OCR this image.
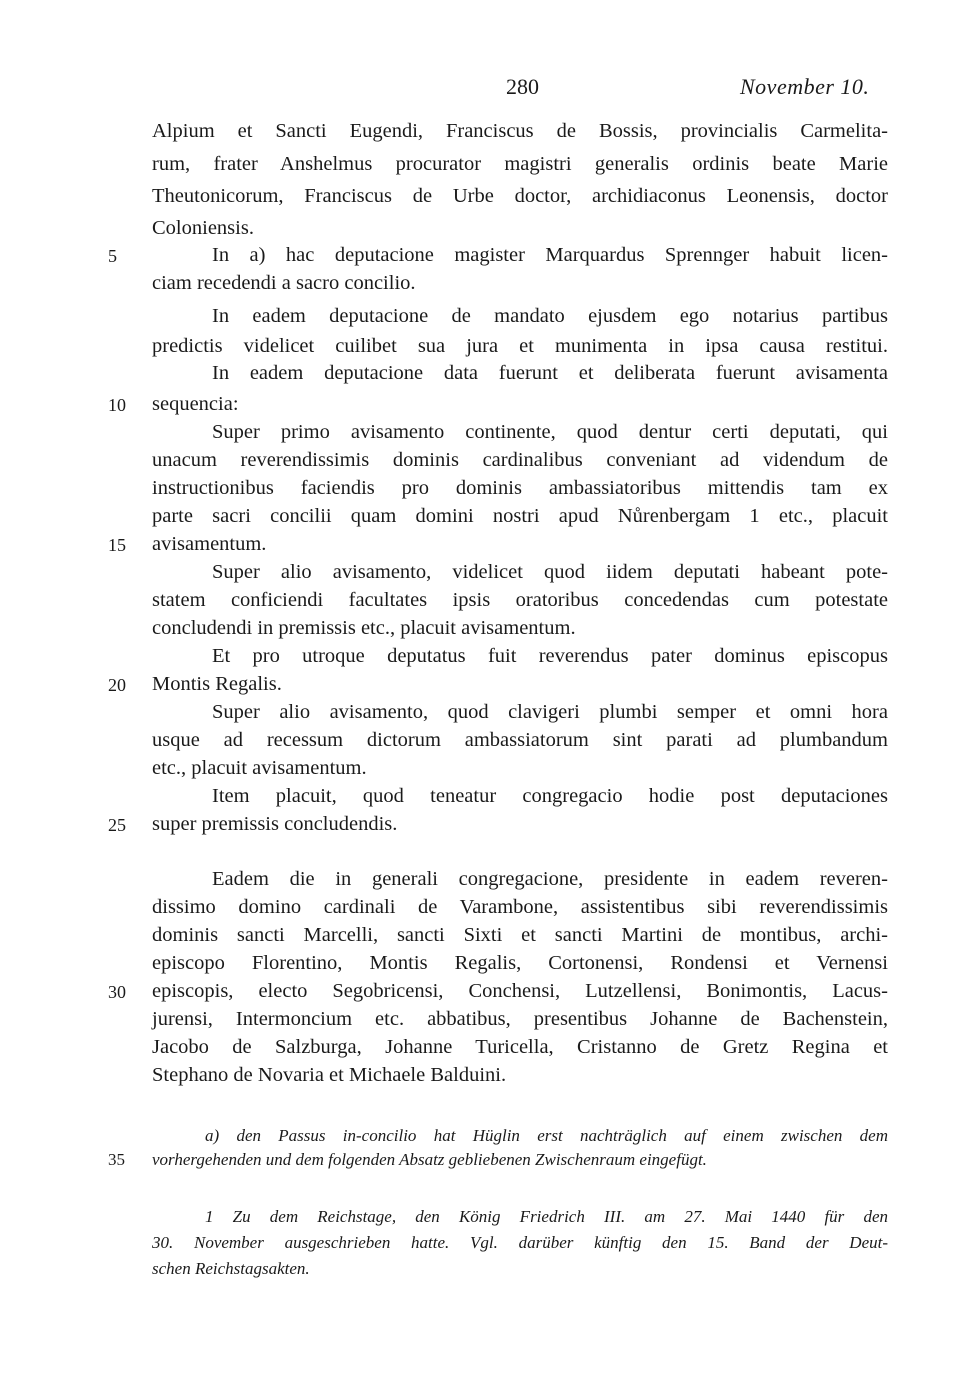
280	November 10.
Alpium et Sancti Eugendi, Franciscus de Bossis, provincialis Carmelita-
rum, frater Anshelmus procurator magistri generalis ordinis beate Marie
Theutonicorum, Franciscus de Urbe doctor, archidiaconus Leonensis, doctor
Coloniensis.
5	In a) hac deputacione magister Marquardus Sprennger habuit licen-
ciam recedendi a sacro concilio.
In eadem deputacione de mandato ejusdem ego notarius partibus
predictis videlicet cuilibet sua jura et munimenta in ipsa causa restitui.
In eadem deputacione data fuerunt et deliberata fuerunt avisamenta
10	sequencia:
Super primo avisamento continente, quod dentur certi deputati, qui
unacum reverendissimis dominis cardinalibus conveniant ad videndum de
instructionibus faciendis pro dominis ambassiatoribus mittendis tam ex
parte sacri concilii quam domini nostri apud Nůrenbergam 1 etc., placuit
15	avisamentum.
Super alio avisamento, videlicet quod iidem deputati habeant pote-
statem conficiendi facultates ipsis oratoribus concedendas cum potestate
concludendi in premissis etc., placuit avisamentum.
Et pro utroque deputatus fuit reverendus pater dominus episcopus
20	Montis Regalis.
Super alio avisamento, quod clavigeri plumbi semper et omni hora
usque ad recessum dictorum ambassiatorum sint parati ad plumbandum
etc., placuit avisamentum.
Item placuit, quod teneatur congregacio hodie post deputaciones
25	super premissis concludendis.
Eadem die in generali congregacione, presidente in eadem reveren-
dissimo domino cardinali de Varambone, assistentibus sibi reverendissimis
dominis sancti Marcelli, sancti Sixti et sancti Martini de montibus, archi-
episcopo Florentino, Montis Regalis, Cortonensi, Rondensi et Vernensi
30	episcopis, electo Segobricensi, Conchensi, Lutzellensi, Bonimontis, Lacus-
jurensi, Intermoncium etc. abbatibus, presentibus Johanne de Bachenstein,
Jacobo de Salzburga, Johanne Turicella, Cristanno de Gretz Regina et
Stephano de Novaria et Michaele Balduini.
a) den Passus in-concilio hat Hüglin erst nachträglich auf einem zwischen dem
35	vorhergehenden und dem folgenden Absatz gebliebenen Zwischenraum eingefügt.
1 Zu dem Reichstage, den König Friedrich III. am 27. Mai 1440 für den
30. November ausgeschrieben hatte. Vgl. darüber künftig den 15. Band der Deut-
schen Reichstagsakten.
